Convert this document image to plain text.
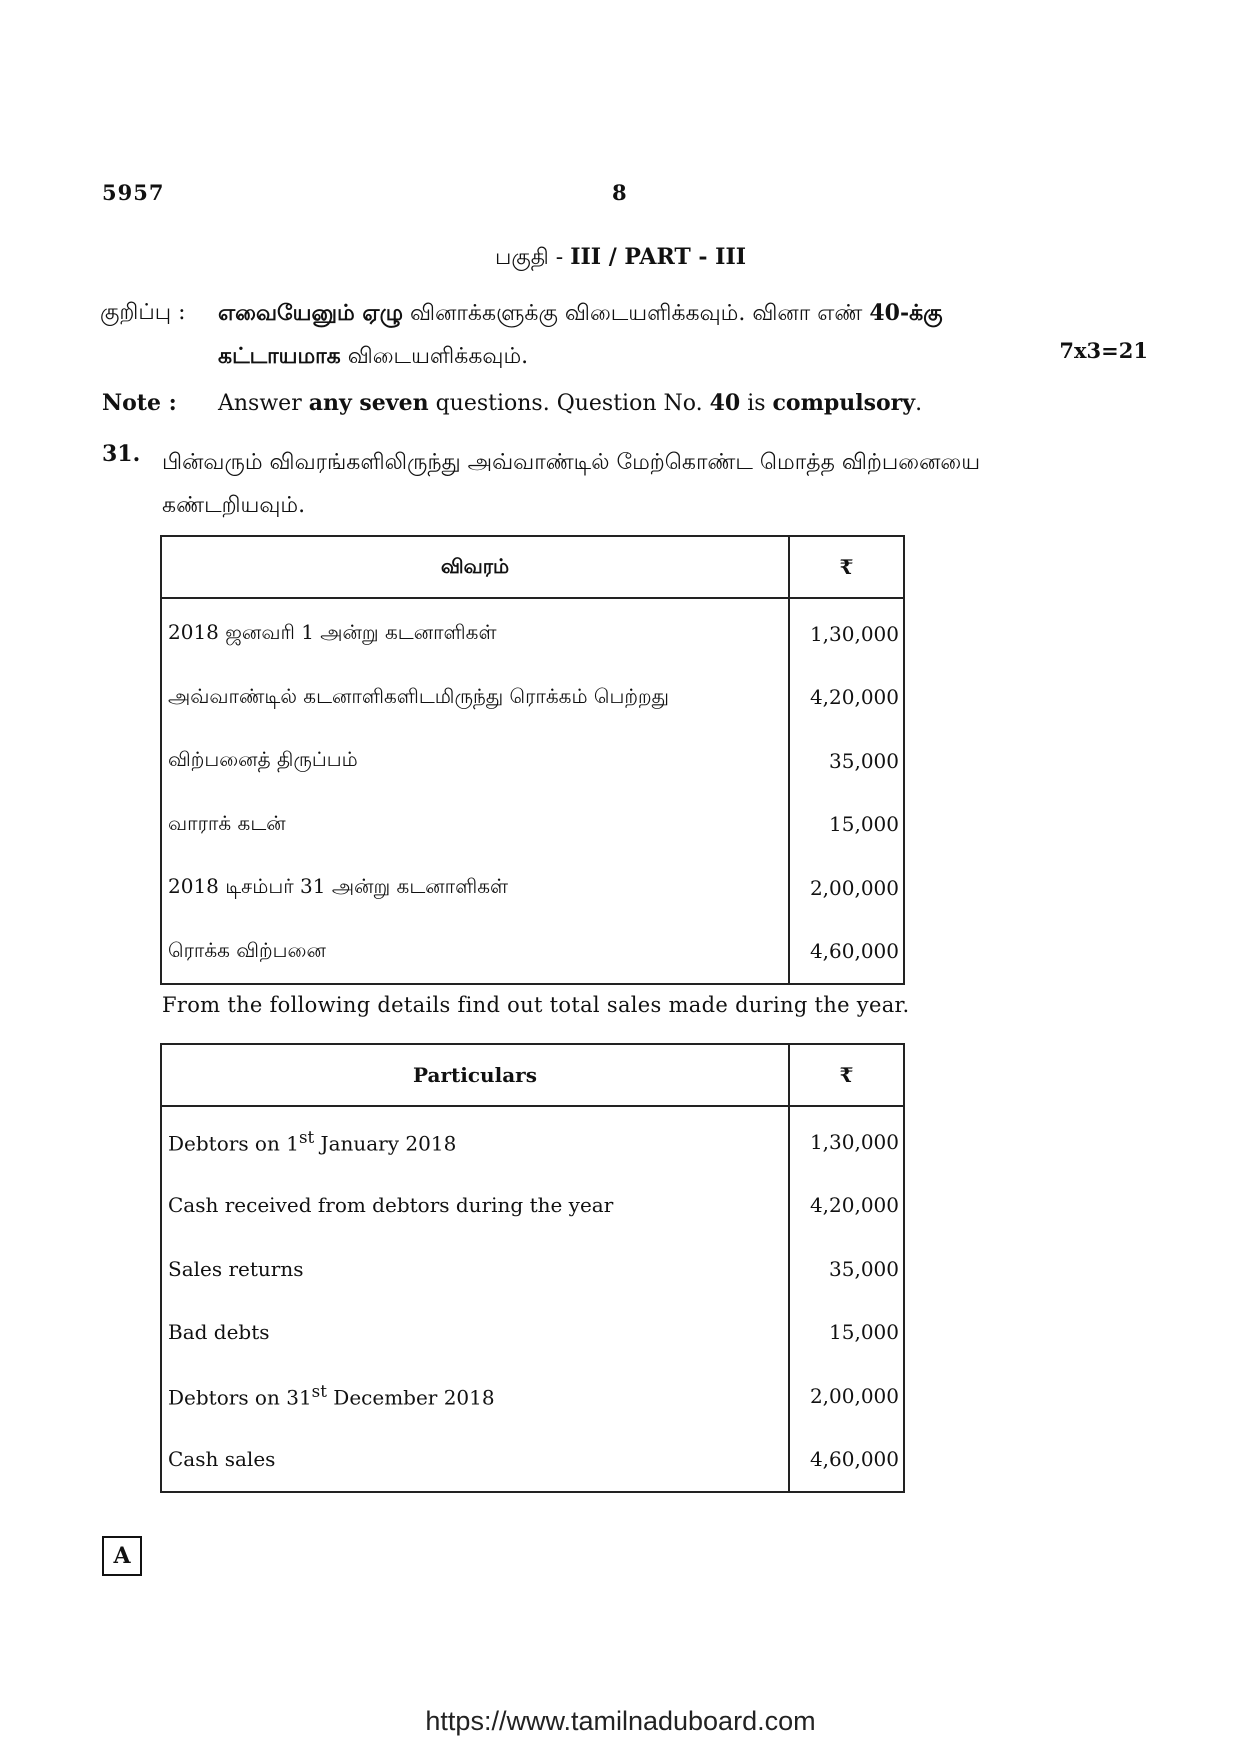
5957	8
பகுதி - III / PART - III
குறிப்பு : எவையேனும் ஏழு வினாக்களுக்கு விடையளிக்கவும். வினா எண் 40-க்கு
கட்டாயமாக விடையளிக்கவும்.	7x3=21
Note : Answer any seven questions. Question No. 40 is compulsory.
31. பின்வரும் விவரங்களிலிருந்து அவ்வாண்டில் மேற்கொண்ட மொத்த விற்பனையை கண்டறியவும்.
விவரம்	₹
2018 ஜனவரி 1 அன்று கடனாளிகள்	1,30,000
அவ்வாண்டில் கடனாளிகளிடமிருந்து ரொக்கம் பெற்றது	4,20,000
விற்பனைத் திருப்பம்	35,000
வாராக் கடன்	15,000
2018 டிசம்பர் 31 அன்று கடனாளிகள்	2,00,000
ரொக்க விற்பனை	4,60,000
From the following details find out total sales made during the year.
Particulars	₹
Debtors on 1st January 2018	1,30,000
Cash received from debtors during the year	4,20,000
Sales returns	35,000
Bad debts	15,000
Debtors on 31st December 2018	2,00,000
Cash sales	4,60,000
A
https://www.tamilnaduboard.com
